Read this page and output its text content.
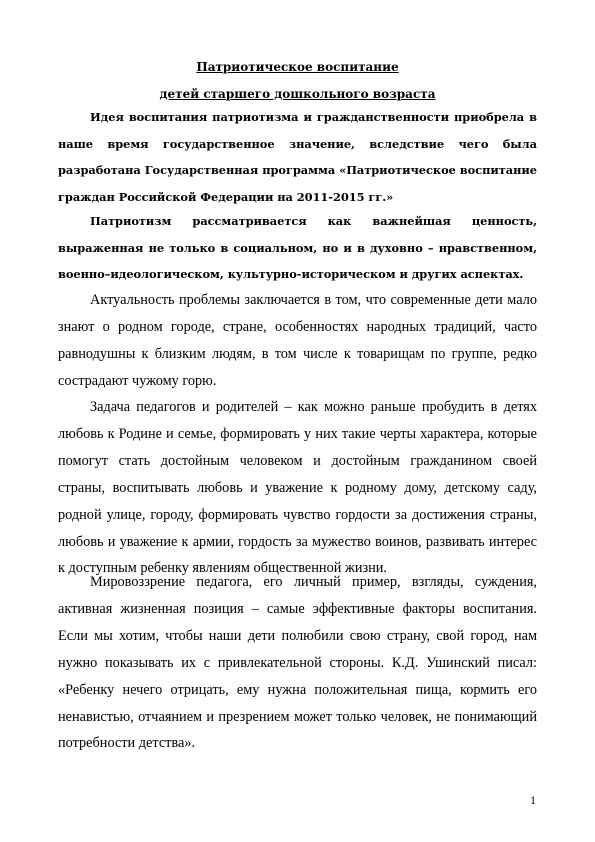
Патриотическое воспитание
детей старшего дошкольного возраста

Идея воспитания патриотизма и гражданственности приобрела в наше время государственное значение, вследствие чего была разработана Государственная программа «Патриотическое воспитание граждан Российской Федерации на 2011-2015 гг.»

Патриотизм рассматривается как важнейшая ценность, выраженная не только в социальном, но и в духовно – нравственном, военно–идеологическом, культурно-историческом и других аспектах.

Актуальность проблемы заключается в том, что современные дети мало знают о родном городе, стране, особенностях народных традиций, часто равнодушны к близким людям, в том числе к товарищам по группе, редко сострадают чужому горю.

Задача педагогов и родителей – как можно раньше пробудить в детях любовь к Родине и семье, формировать у них такие черты характера, которые помогут стать достойным человеком и достойным гражданином своей страны, воспитывать любовь и уважение к родному дому, детскому саду, родной улице, городу, формировать чувство гордости за достижения страны, любовь и уважение к армии, гордость за мужество воинов, развивать интерес к доступным ребенку явлениям общественной жизни.

Мировоззрение педагога, его личный пример, взгляды, суждения, активная жизненная позиция – самые эффективные факторы воспитания. Если мы хотим, чтобы наши дети полюбили свою страну, свой город, нам нужно показывать их с привлекательной стороны. К.Д. Ушинский писал: «Ребенку нечего отрицать, ему нужна положительная пища, кормить его ненавистью, отчаянием и презрением может только человек, не понимающий потребности детства».

1
